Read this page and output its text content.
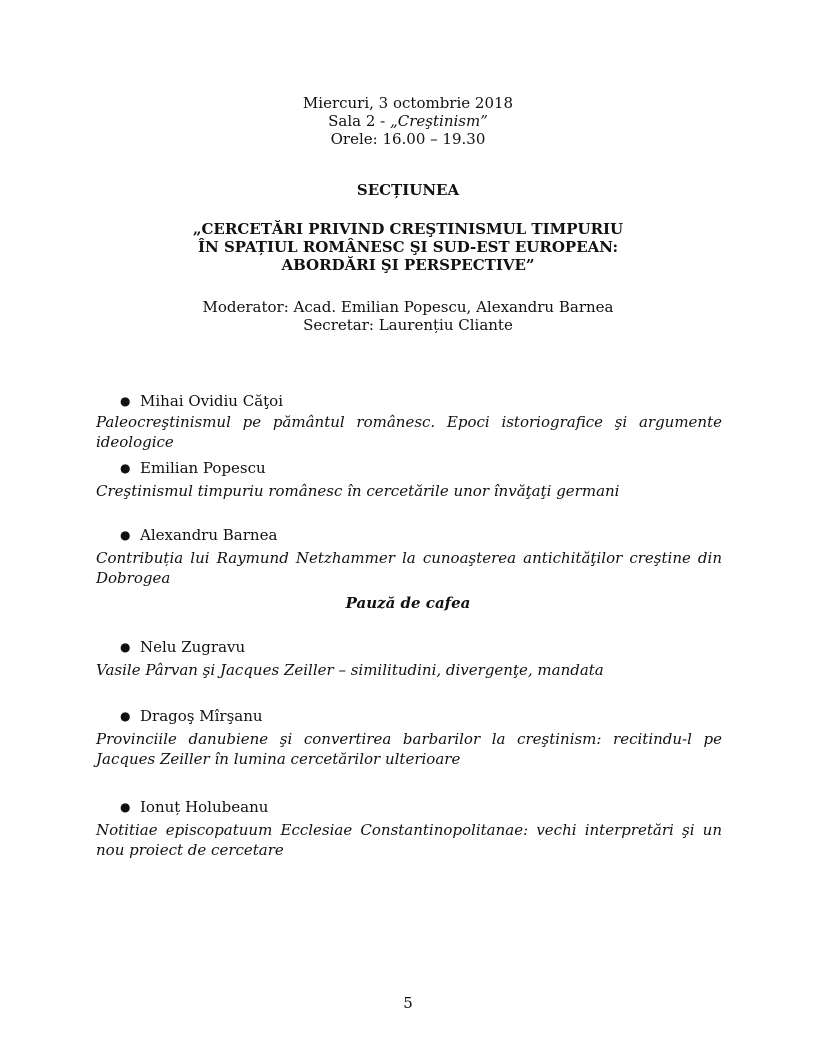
Miercuri, 3 octombrie 2018
Sala 2 - „Creştinism”
Orele: 16.00 – 19.30
SECȚIUNEA
„CERCETĂRI PRIVIND CREŞTINISMUL TIMPURIU
ÎN SPAȚIUL ROMÂNESC ŞI SUD-EST EUROPEAN:
ABORDĂRI ŞI PERSPECTIVE”
Moderator: Acad. Emilian Popescu, Alexandru Barnea
Secretar: Laurențiu Cliante
● Mihai Ovidiu Căţoi
Paleocreştinismul pe pământul românesc. Epoci istoriografice şi argumente ideologice
● Emilian Popescu
Creştinismul timpuriu românesc în cercetările unor învăţaţi germani
● Alexandru Barnea
Contribuția lui Raymund Netzhammer la cunoaşterea antichităţilor creştine din Dobrogea
Pauză de cafea
● Nelu Zugravu
Vasile Pârvan şi Jacques Zeiller – similitudini, divergenţe, mandata
● Dragoş Mîrşanu
Provinciile danubiene şi convertirea barbarilor la creştinism: recitindu-l pe Jacques Zeiller în lumina cercetărilor ulterioare
● Ionuț Holubeanu
Notitiae episcopatuum Ecclesiae Constantinopolitanae: vechi interpretări şi un nou proiect de cercetare
5
